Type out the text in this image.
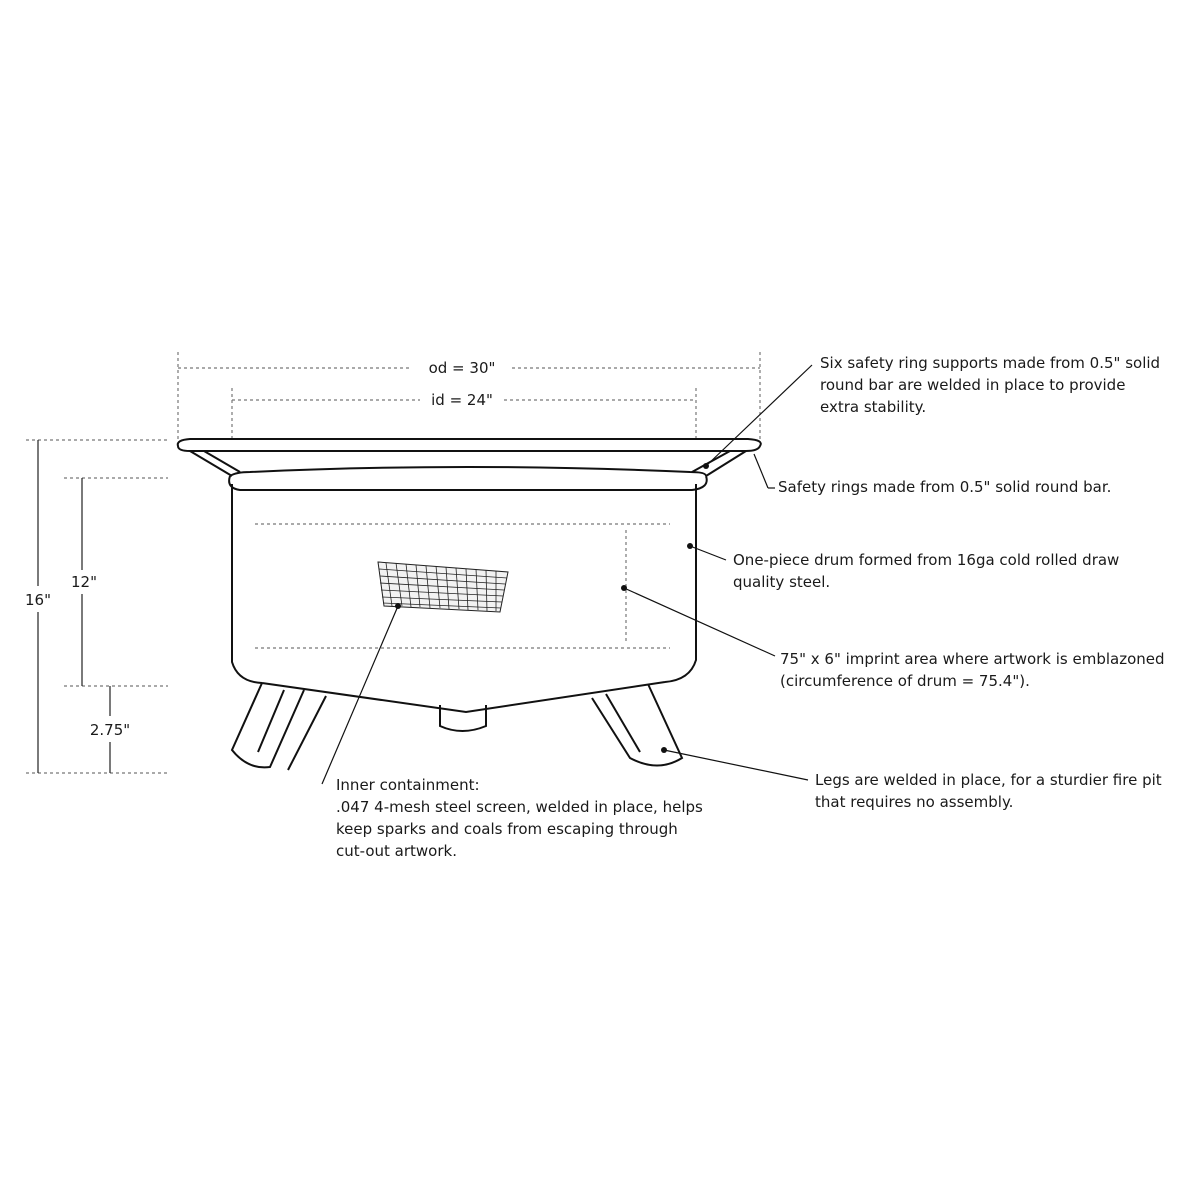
od = 30"
id = 24"
16"
12"
2.75"
Six safety ring supports made from 0.5" solid
round bar are welded in place to provide
extra stability.
Safety rings made from 0.5" solid round bar.
One-piece drum formed from 16ga cold rolled draw
quality steel.
75" x 6" imprint area where artwork is emblazoned
(circumference of drum = 75.4").
Legs are welded in place, for a sturdier fire pit
that requires no assembly.
Inner containment:
.047 4-mesh steel screen, welded in place, helps
keep sparks and coals from escaping through
cut-out artwork.
